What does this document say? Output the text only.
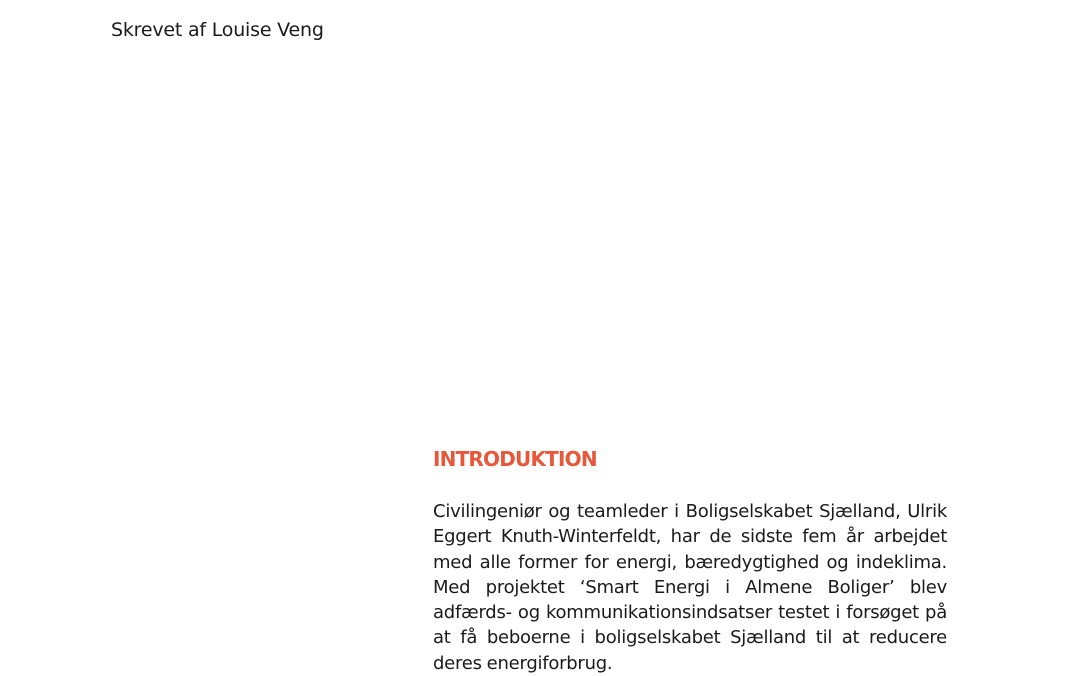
Skrevet af Louise Veng
INTRODUKTION

Civilingeniør og teamleder i Boligselskabet Sjælland, Ulrik Eggert Knuth-Winterfeldt, har de sidste fem år arbejdet med alle former for energi, bæredygtighed og indeklima. Med projektet ‘Smart Energi i Almene Boliger’ blev adfærds- og kommunikationsindsatser testet i forsøget på at få beboerne i boligselskabet Sjælland til at reducere deres energiforbrug.
